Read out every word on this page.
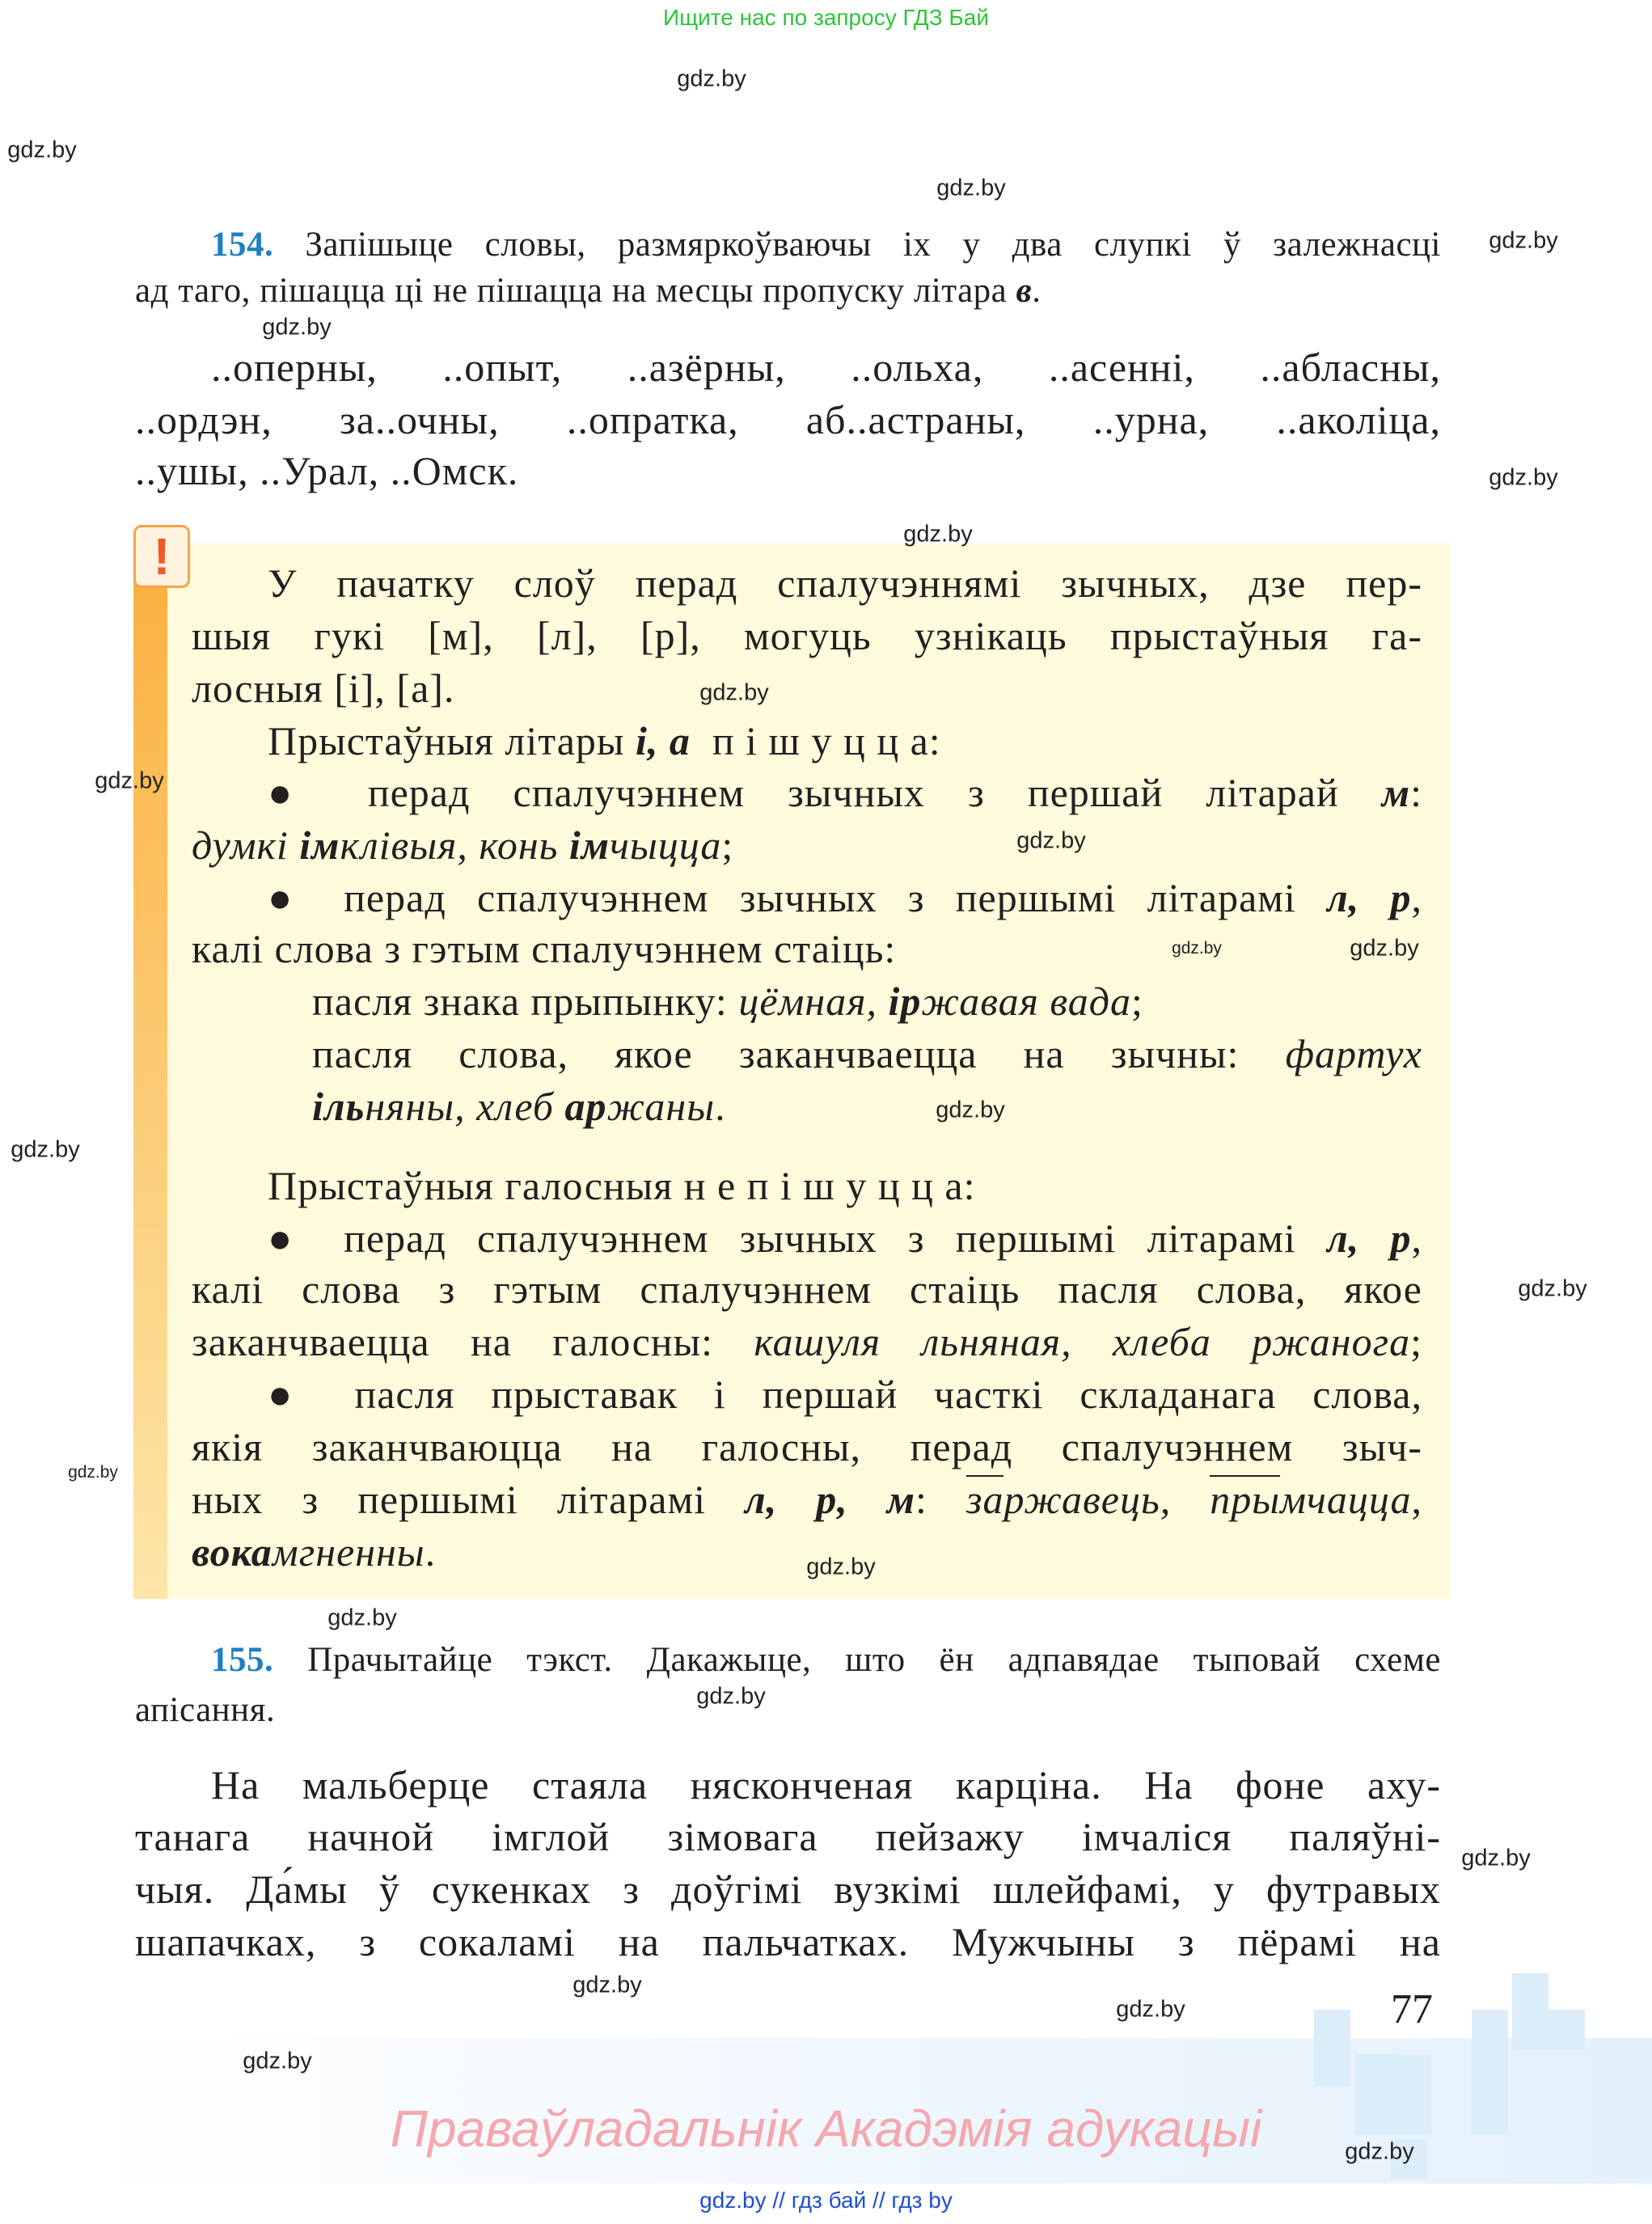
Ищите нас по запросу ГДЗ Бай
154. Запішыце словы, размяркоўваючы іх у два слупкі ў залежнасці
ад таго, пішацца ці не пішацца на месцы пропуску літара в.
..оперны, ..опыт, ..азёрны, ..ольха, ..асенні, ..абласны,
..ордэн, за..очны, ..опратка, аб..астраны, ..урна, ..аколіца,
..ушы, ..Урал, ..Омск.
!	У пачатку слоў перад спалучэннямі зычных, дзе пер-
шыя гукі [м], [л], [р], могуць узнікаць прыстаўныя га-
лосныя [і], [а].
Прыстаўныя літары і, а п і ш у ц ц а:
● перад спалучэннем зычных з першай літарай м:
думкі імклівыя, конь імчыцца;
● перад спалучэннем зычных з першымі літарамі л, р,
калі слова з гэтым спалучэннем стаіць:
пасля знака прыпынку: цёмная, іржавая вада;
пасля слова, якое заканчваецца на зычны: фартух
ільняны, хлеб аржаны.
Прыстаўныя галосныя н е п і ш у ц ц а:
● перад спалучэннем зычных з першымі літарамі л, р,
калі слова з гэтым спалучэннем стаіць пасля слова, якое
заканчваецца на галосны: кашуля льняная, хлеба ржанога;
● пасля прыставак і першай часткі складанага слова,
якія заканчваюцца на галосны, перад спалучэннем зыч-
ных з першымі літарамі л, р, м: заржавець, прымчацца,
вокамгненны.
155. Прачытайце тэкст. Дакажыце, што ён адпавядае тыповай схеме
апісання.
На мальберце стаяла нясконченая карціна. На фоне аху-
танага начной імглой зімовага пейзажу імчаліся паляўні-
чыя. Да́мы ў сукенках з доўгімі вузкімі шлейфамі, у футравых
шапачках, з сокаламі на пальчатках. Мужчыны з пёрамі на
77
Праваўладальнік Акадэмія адукацыі
gdz.by // гдз бай // гдз by
gdz.by
gdz.by
gdz.by
gdz.by
gdz.by
gdz.by
gdz.by
gdz.by
gdz.by
gdz.by
gdz.by
gdz.by
gdz.by
gdz.by
gdz.by
gdz.by
gdz.by
gdz.by
gdz.by
gdz.by
gdz.by
gdz.by
gdz.by
gdz.by
